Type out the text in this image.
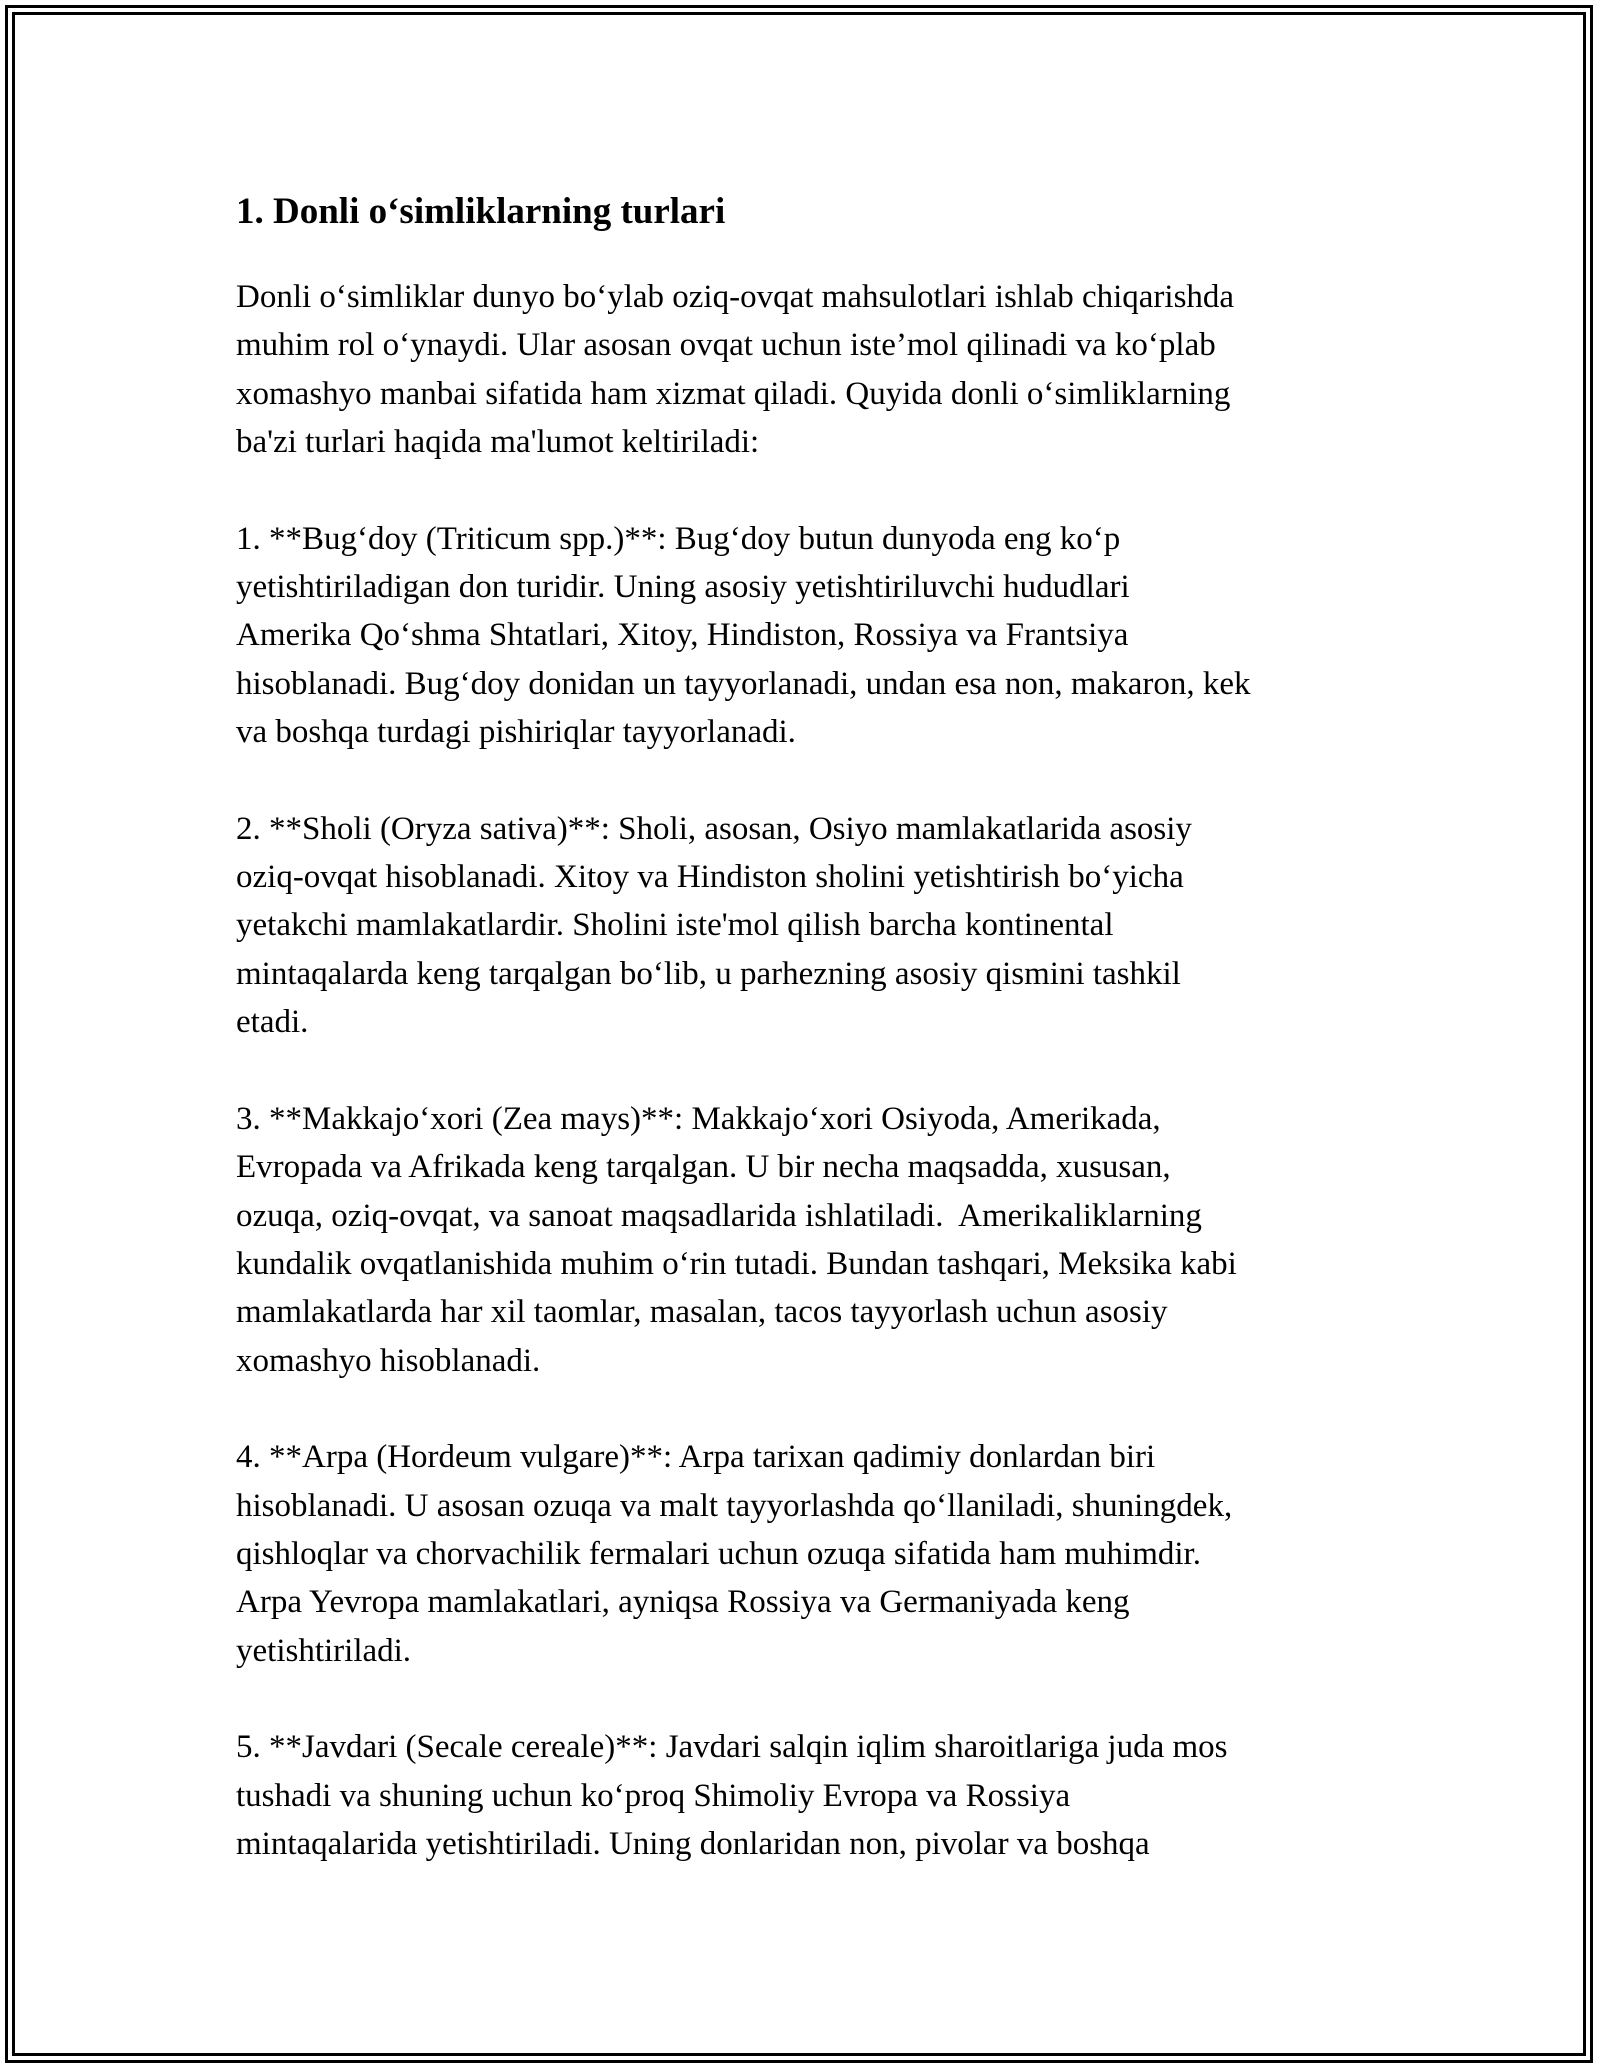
1. Donli o‘simliklarning turlari

Donli o‘simliklar dunyo bo‘ylab oziq-ovqat mahsulotlari ishlab chiqarishda
muhim rol o‘ynaydi. Ular asosan ovqat uchun iste’mol qilinadi va ko‘plab
xomashyo manbai sifatida ham xizmat qiladi. Quyida donli o‘simliklarning
ba'zi turlari haqida ma'lumot keltiriladi:

1. **Bug‘doy (Triticum spp.)**: Bug‘doy butun dunyoda eng ko‘p
yetishtiriladigan don turidir. Uning asosiy yetishtiriluvchi hududlari
Amerika Qo‘shma Shtatlari, Xitoy, Hindiston, Rossiya va Frantsiya
hisoblanadi. Bug‘doy donidan un tayyorlanadi, undan esa non, makaron, kek
va boshqa turdagi pishiriqlar tayyorlanadi.

2. **Sholi (Oryza sativa)**: Sholi, asosan, Osiyo mamlakatlarida asosiy
oziq-ovqat hisoblanadi. Xitoy va Hindiston sholini yetishtirish bo‘yicha
yetakchi mamlakatlardir. Sholini iste'mol qilish barcha kontinental
mintaqalarda keng tarqalgan bo‘lib, u parhezning asosiy qismini tashkil
etadi.

3. **Makkajo‘xori (Zea mays)**: Makkajo‘xori Osiyoda, Amerikada,
Evropada va Afrikada keng tarqalgan. U bir necha maqsadda, xususan,
ozuqa, oziq-ovqat, va sanoat maqsadlarida ishlatiladi.  Amerikaliklarning
kundalik ovqatlanishida muhim o‘rin tutadi. Bundan tashqari, Meksika kabi
mamlakatlarda har xil taomlar, masalan, tacos tayyorlash uchun asosiy
xomashyo hisoblanadi.

4. **Arpa (Hordeum vulgare)**: Arpa tarixan qadimiy donlardan biri
hisoblanadi. U asosan ozuqa va malt tayyorlashda qo‘llaniladi, shuningdek,
qishloqlar va chorvachilik fermalari uchun ozuqa sifatida ham muhimdir.
Arpa Yevropa mamlakatlari, ayniqsa Rossiya va Germaniyada keng
yetishtiriladi.

5. **Javdari (Secale cereale)**: Javdari salqin iqlim sharoitlariga juda mos
tushadi va shuning uchun ko‘proq Shimoliy Evropa va Rossiya
mintaqalarida yetishtiriladi. Uning donlaridan non, pivolar va boshqa
